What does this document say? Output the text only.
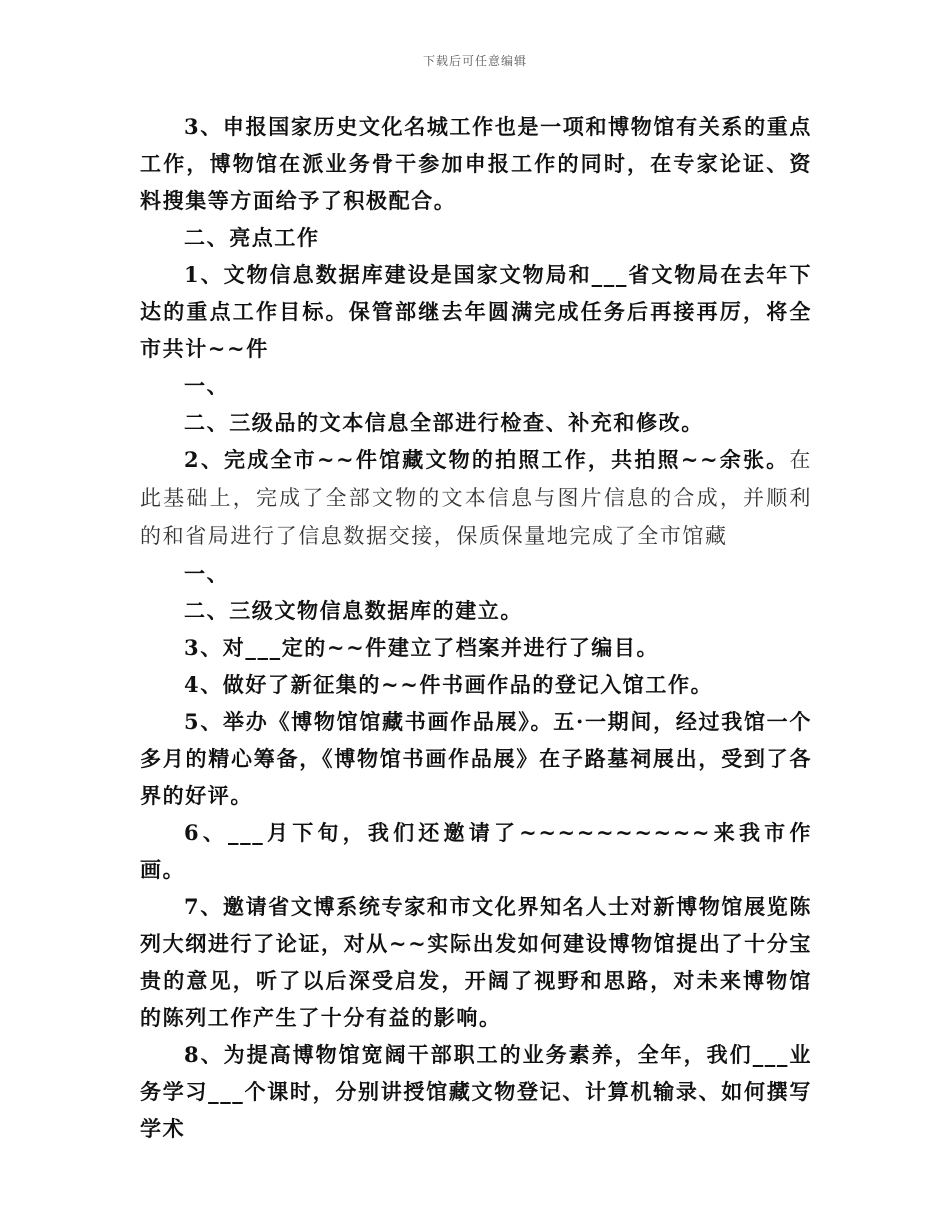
下载后可任意编辑

3、申报国家历史文化名城工作也是一项和博物馆有关系的重点工作，博物馆在派业务骨干参加申报工作的同时，在专家论证、资料搜集等方面给予了积极配合。

二、亮点工作

1、文物信息数据库建设是国家文物局和___省文物局在去年下达的重点工作目标。保管部继去年圆满完成任务后再接再厉，将全市共计~~件

一、

二、三级品的文本信息全部进行检查、补充和修改。

2、完成全市~~件馆藏文物的拍照工作，共拍照~~余张。在此基础上，完成了全部文物的文本信息与图片信息的合成，并顺利的和省局进行了信息数据交接，保质保量地完成了全市馆藏

一、

二、三级文物信息数据库的建立。

3、对___定的~~件建立了档案并进行了编目。

4、做好了新征集的~~件书画作品的登记入馆工作。

5、举办《博物馆馆藏书画作品展》。五·一期间，经过我馆一个多月的精心筹备，《博物馆书画作品展》在子路墓祠展出，受到了各界的好评。

6、___月下旬，我们还邀请了~~~~~~~~~~来我市作画。

7、邀请省文博系统专家和市文化界知名人士对新博物馆展览陈列大纲进行了论证，对从~~实际出发如何建设博物馆提出了十分宝贵的意见，听了以后深受启发，开阔了视野和思路，对未来博物馆的陈列工作产生了十分有益的影响。

8、为提高博物馆宽阔干部职工的业务素养，全年，我们___业务学习___个课时，分别讲授馆藏文物登记、计算机输录、如何撰写学术
